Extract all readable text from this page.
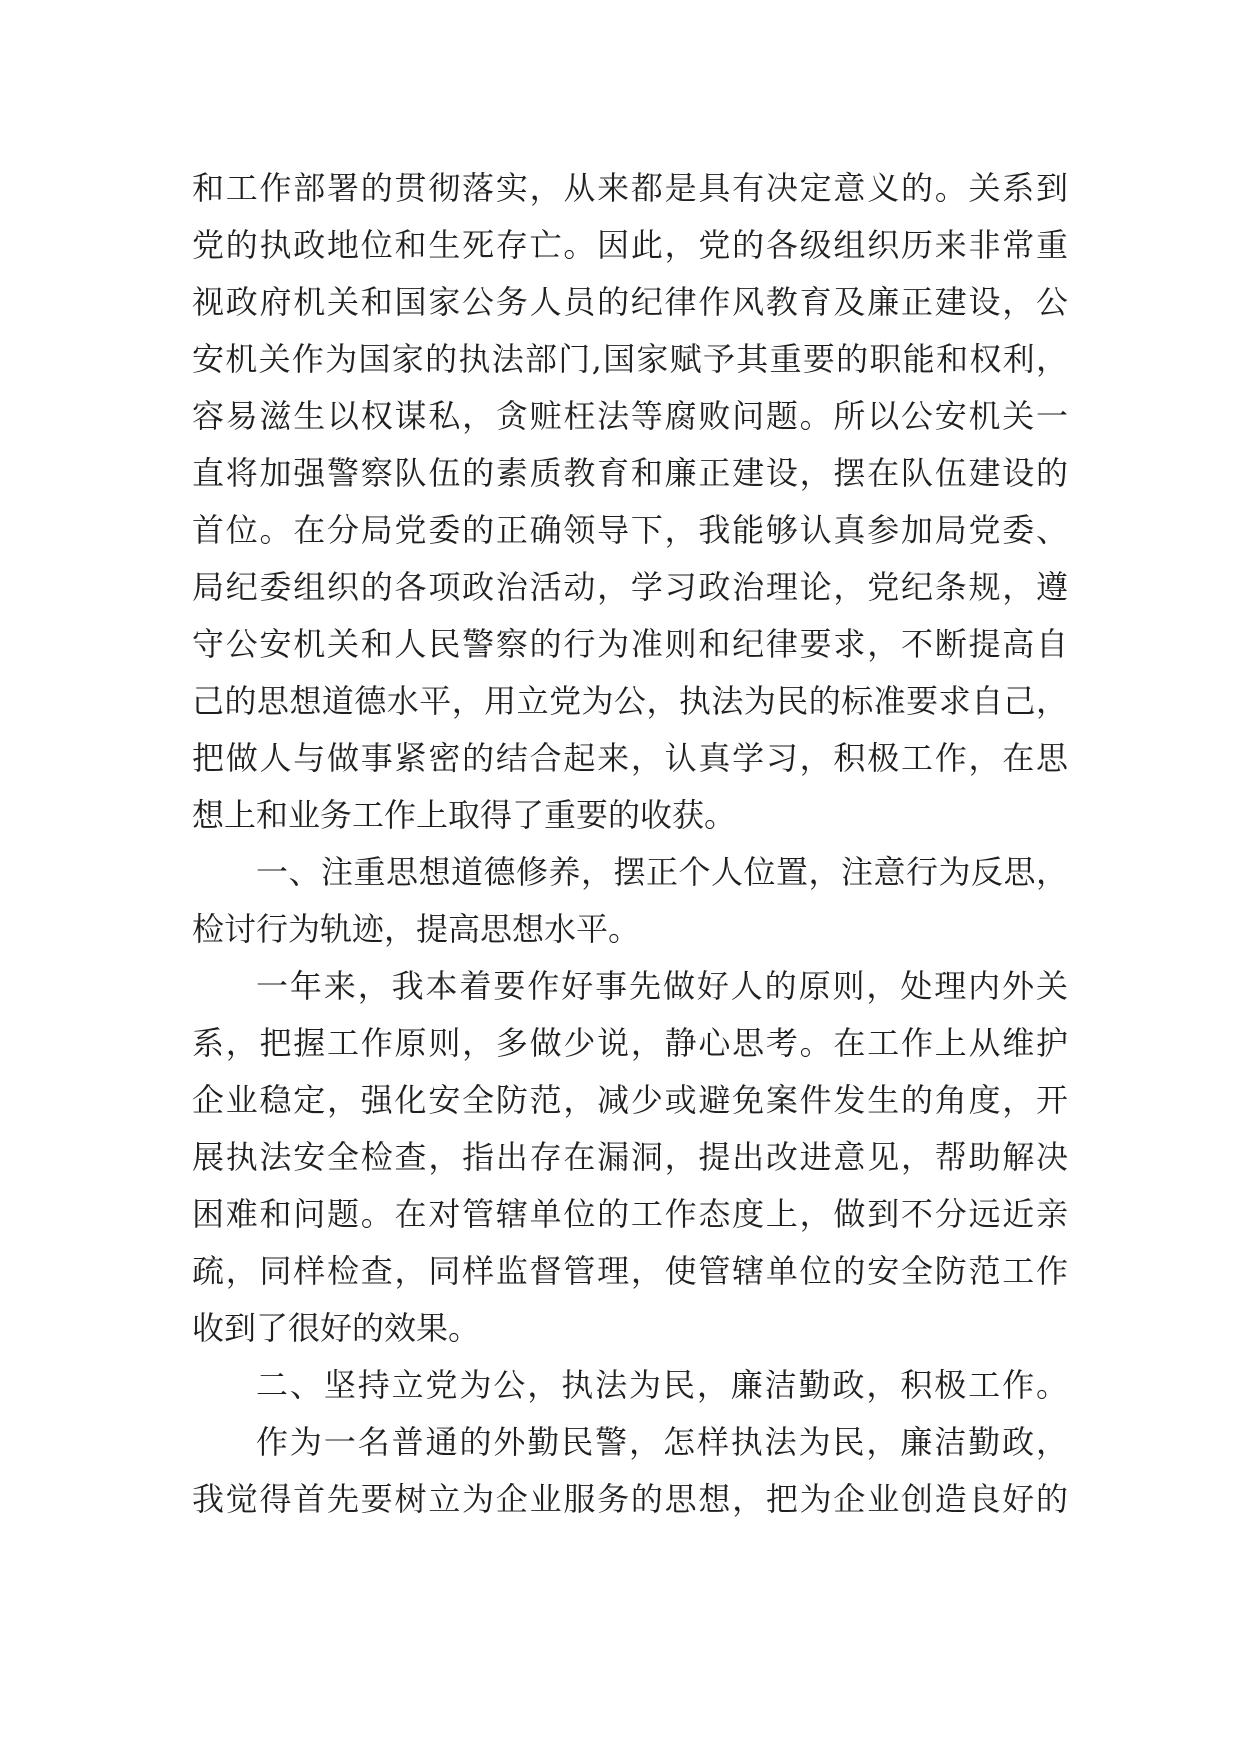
和工作部署的贯彻落实，从来都是具有决定意义的。关系到
党的执政地位和生死存亡。因此，党的各级组织历来非常重
视政府机关和国家公务人员的纪律作风教育及廉正建设，公
安机关作为国家的执法部门,国家赋予其重要的职能和权利，
容易滋生以权谋私，贪赃枉法等腐败问题。所以公安机关一
直将加强警察队伍的素质教育和廉正建设，摆在队伍建设的
首位。在分局党委的正确领导下，我能够认真参加局党委、
局纪委组织的各项政治活动，学习政治理论，党纪条规，遵
守公安机关和人民警察的行为准则和纪律要求，不断提高自
己的思想道德水平，用立党为公，执法为民的标准要求自己，
把做人与做事紧密的结合起来，认真学习，积极工作，在思
想上和业务工作上取得了重要的收获。
一、注重思想道德修养，摆正个人位置，注意行为反思，
检讨行为轨迹，提高思想水平。
一年来，我本着要作好事先做好人的原则，处理内外关
系，把握工作原则，多做少说，静心思考。在工作上从维护
企业稳定，强化安全防范，减少或避免案件发生的角度，开
展执法安全检查，指出存在漏洞，提出改进意见，帮助解决
困难和问题。在对管辖单位的工作态度上，做到不分远近亲
疏，同样检查，同样监督管理，使管辖单位的安全防范工作
收到了很好的效果。
二、坚持立党为公，执法为民，廉洁勤政，积极工作。
作为一名普通的外勤民警，怎样执法为民，廉洁勤政，
我觉得首先要树立为企业服务的思想，把为企业创造良好的
